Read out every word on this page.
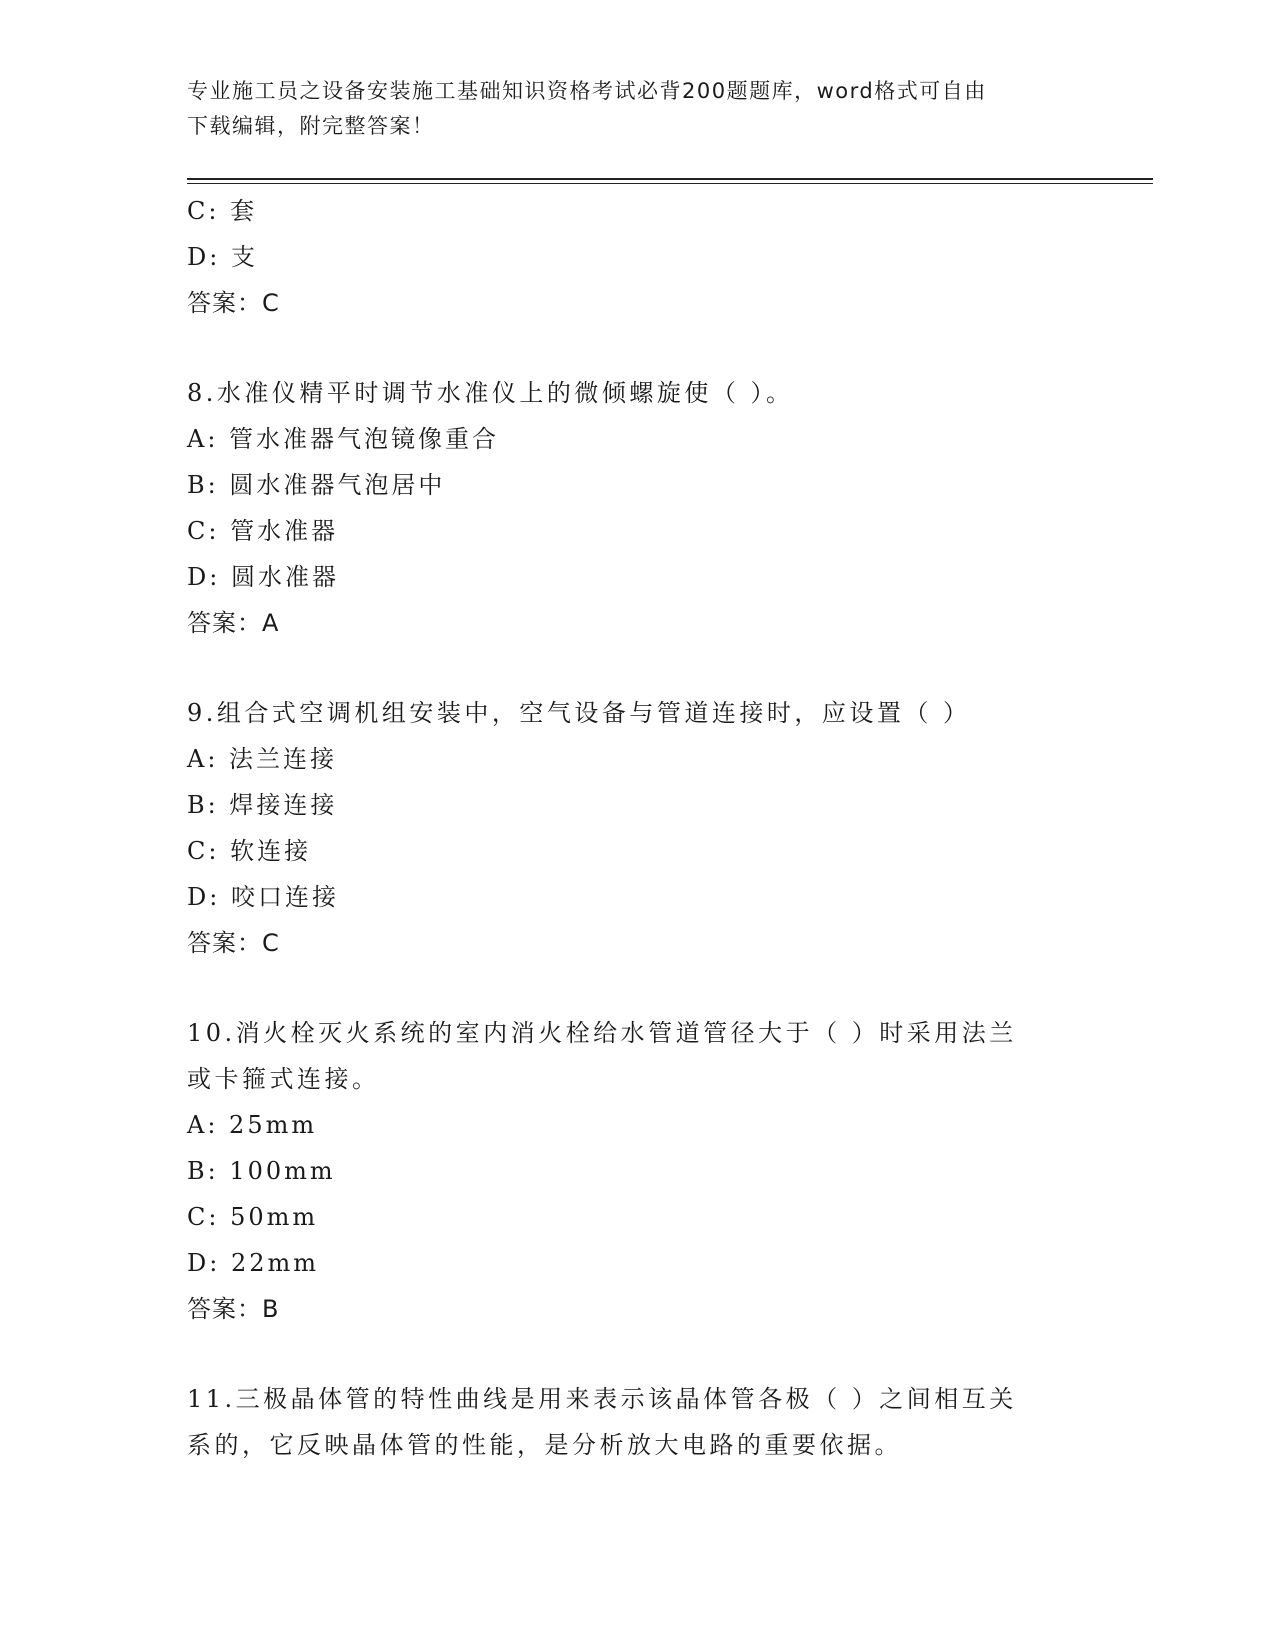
专业施工员之设备安装施工基础知识资格考试必背200题题库，word格式可自由
下载编辑，附完整答案！
C: 套
D: 支
答案：C
8.水准仪精平时调节水准仪上的微倾螺旋使（ ）。
A: 管水准器气泡镜像重合
B: 圆水准器气泡居中
C: 管水准器
D: 圆水准器
答案：A
9.组合式空调机组安装中，空气设备与管道连接时，应设置（ ）
A: 法兰连接
B: 焊接连接
C: 软连接
D: 咬口连接
答案：C
10.消火栓灭火系统的室内消火栓给水管道管径大于（ ）时采用法兰
或卡箍式连接。
A: 25mm
B: 100mm
C: 50mm
D: 22mm
答案：B
11.三极晶体管的特性曲线是用来表示该晶体管各极（ ）之间相互关
系的，它反映晶体管的性能，是分析放大电路的重要依据。
